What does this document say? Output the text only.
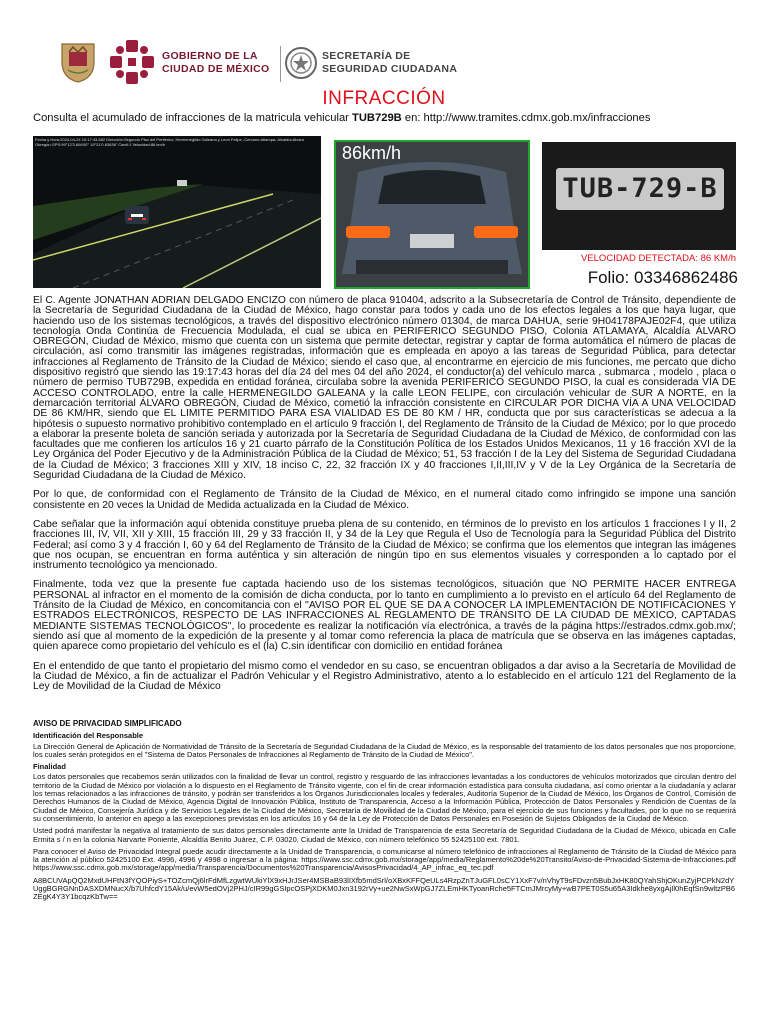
GOBIERNO DE LA
CIUDAD DE MÉXICO
SECRETARÍA DE
SEGURIDAD CIUDADANA
INFRACCIÓN
Consulta el acumulado de infracciones de la matricula vehicular TUB729B en: http://www.tramites.cdmx.gob.mx/infracciones
Fecha y Hora:2024-04-24 19:17:43.682 Dirección:Segundo Piso del Periferico, Hermenegildo Galeana y Leon Felipe -Cercano:Atlampa- Alcaldía:Alvaro Obregón GPS:99°12'3.6W/00° 19°21'0.63636" Carril:1 Velocidad:86 km/h	86km/h
TUB-729-B
VELOCIDAD DETECTADA: 86 KM/h
Folio: 03346862486

El C. Agente JONATHAN ADRIAN DELGADO ENCIZO con número de placa 910404, adscrito a la Subsecretaría de Control de Tránsito, dependiente de la Secretaría de Seguridad Ciudadana de la Ciudad de México, hago constar para todos y cada uno de los efectos legales a los que haya lugar, que haciendo uso de los sistemas tecnológicos, a través del dispositivo electrónico número 01304, de marca DAHUA, serie 9H04178PAJE02F4, que utiliza tecnología Onda Continúa de Frecuencia Modulada, el cual se ubica en PERIFERICO SEGUNDO PISO, Colonia ATLAMAYA, Alcaldía ÁLVARO OBREGÓN, Ciudad de México, mismo que cuenta con un sistema que permite detectar, registrar y captar de forma automática el número de placas de circulación, así como transmitir las imágenes registradas, información que es empleada en apoyo a las tareas de Seguridad Pública, para detectar infracciones al Reglamento de Tránsito de la Ciudad de México; siendo el caso que, al encontrarme en ejercicio de mis funciones, me percato que dicho dispositivo registró que siendo las 19:17:43 horas del día 24 del mes 04 del año 2024, el conductor(a) del vehículo marca , submarca , modelo , placa o número de permiso TUB729B, expedida en entidad foránea, circulaba sobre la avenida PERIFERICO SEGUNDO PISO, la cual es considerada VÍA DE ACCESO CONTROLADO, entre la calle HERMENEGILDO GALEANA y la calle LEON FELIPE, con circulación vehicular de SUR A NORTE, en la demarcación territorial ÁLVARO OBREGÓN, Ciudad de México, cometió la infracción consistente en CIRCULAR POR DICHA VÍA A UNA VELOCIDAD DE 86 KM/HR, siendo que EL LIMITE PERMITIDO PARA ESA VIALIDAD ES DE 80 KM / HR, conducta que por sus características se adecua a la hipótesis o supuesto normativo prohibitivo contemplado en el artículo 9 fracción I, del Reglamento de Tránsito de la Ciudad de México; por lo que procedo a elaborar la presente boleta de sanción seriada y autorizada por la Secretaría de Seguridad Ciudadana de la Ciudad de México, de conformidad con las facultades que me confieren los artículos 16 y 21 cuarto párrafo de la Constitución Política de los Estados Unidos Mexicanos, 11 y 16 fracción XVI de la Ley Orgánica del Poder Ejecutivo y de la Administración Pública de la Ciudad de México; 51, 53 fracción I de la Ley del Sistema de Seguridad Ciudadana de la Ciudad de México; 3 fracciones XIII y XIV, 18 inciso C, 22, 32 fracción IX y 40 fracciones I,II,III,IV y V de la Ley Orgánica de la Secretaría de Seguridad Ciudadana de la Ciudad de México.

Por lo que, de conformidad con el Reglamento de Tránsito de la Ciudad de México, en el numeral citado como infringido se impone una sanción consistente en 20 veces la Unidad de Medida actualizada en la Ciudad de México.

Cabe señalar que la información aquí obtenida constituye prueba plena de su contenido, en términos de lo previsto en los artículos 1 fracciones I y II, 2 fracciones III, IV, VII, XII y XIII, 15 fracción III, 29 y 33 fracción II, y 34 de la Ley que Regula el Uso de Tecnología para la Seguridad Pública del Distrito Federal; así como 3 y 4 fracción I, 60 y 64 del Reglamento de Tránsito de la Ciudad de México; se confirma que los elementos que integran las imágenes que nos ocupan, se encuentran en forma auténtica y sin alteración de ningún tipo en sus elementos visuales y corresponden a lo captado por el instrumento tecnológico ya mencionado.

Finalmente, toda vez que la presente fue captada haciendo uso de los sistemas tecnológicos, situación que NO PERMITE HACER ENTREGA PERSONAL al infractor en el momento de la comisión de dicha conducta, por lo tanto en cumplimiento a lo previsto en el artículo 64 del Reglamento de Tránsito de la Ciudad de México, en concomitancia con el "AVISO POR EL QUE SE DA A CONOCER LA IMPLEMENTACIÓN DE NOTIFICACIONES Y ESTRADOS ELECTRÓNICOS, RESPECTO DE LAS INFRACCIONES AL REGLAMENTO DE TRÁNSITO DE LA CIUDAD DE MÉXICO, CAPTADAS MEDIANTE SISTEMAS TECNOLÓGICOS", lo procedente es realizar la notificación vía electrónica, a través de la página https://estrados.cdmx.gob.mx/; siendo así que al momento de la expedición de la presente y al tomar como referencia la placa de matrícula que se observa en las imágenes captadas, quien aparece como propietario del vehículo es el (la) C.sin identificar con domicilio en entidad foránea

En el entendido de que tanto el propietario del mismo como el vendedor en su caso, se encuentran obligados a dar aviso a la Secretaría de Movilidad de la Ciudad de México, a fin de actualizar el Padrón Vehicular y el Registro Administrativo, atento a lo establecido en el artículo 121 del Reglamento de la Ley de Movilidad de la Ciudad de México

AVISO DE PRIVACIDAD SIMPLIFICADO
Identificación del Responsable

La Dirección General de Aplicación de Normatividad de Tránsito de la Secretaría de Seguridad Ciudadana de la Ciudad de México, es la responsable del tratamiento de los datos personales que nos proporcione, los cuales serán protegidos en el "Sistema de Datos Personales de Infracciones al Reglamento de Tránsito de la Ciudad de México".

Finalidad

Los datos personales que recabemos serán utilizados con la finalidad de llevar un control, registro y resguardo de las infracciones levantadas a los conductores de vehículos motorizados que circulan dentro del territorio de la Ciudad de México por violación a lo dispuesto en el Reglamento de Tránsito vigente, con el fin de crear información estadística para consulta ciudadana, así como orientar a la ciudadanía y aclarar los temas relacionados a las infracciones de tránsito, y podrán ser transferidos a los Órganos Jurisdiccionales locales y federales, Auditoría Superior de la Ciudad de México, los Órganos de Control, Comisión de Derechos Humanos de la Ciudad de México, Agencia Digital de Innovación Pública, Instituto de Transparencia, Acceso a la Información Pública, Protección de Datos Personales y Rendición de Cuentas de la Ciudad de México, Consejería Jurídica y de Servicios Legales de la Ciudad de México, Secretaría de Movilidad de la Ciudad de México, para el ejercicio de sus funciones y facultades, por lo que no se requerirá su consentimiento, lo anterior en apego a las excepciones previstas en los artículos 16 y 64 de la Ley de Protección de Datos Personales en Posesión de Sujetos Obligados de la Ciudad de México.

Usted podrá manifestar la negativa al tratamiento de sus datos personales directamente ante la Unidad de Transparencia de esta Secretaría de Seguridad Ciudadana de la Ciudad de México, ubicada en Calle Ermita s / n en la colonia Narvarte Poniente, Alcaldía Benito Juárez, C.P. 03020, Ciudad de México, con número telefónico 55 52425100 ext. 7801.

Para conocer el Aviso de Privacidad Integral puede acudir directamente a la Unidad de Transparencia, o comunicarse al número telefónico de infracciones al Reglamento de Tránsito de la Ciudad de México para la atención al público 52425100 Ext. 4996, 4996 y 4998 o ingresar a la página: https://www.ssc.cdmx.gob.mx/storage/app/media/Reglamento%20de%20Transito/Aviso-de-Privacidad-Sistema-de-Infracciones.pdf https://www.ssc.cdmx.gob.mx/storage/app/media/Transparencia/Documentos%20Transparencia/AvisosPrivacidad/4_AP_infrac_eq_tec.pdf

A8BCUVApQQ2MxdUHFtN3fYQOPiyS+TOZcmQj6lrFdMfLzgwtWUkiYlX9xHJrJSer4MSBaB93lIXfb5mdSrl/oXBxKFFQeULs4RzpZnTJuGFL0sCY1XxF7v/nVhyT9sFDvzn5BubJxHK80QYahShjOKunZyjPCPkN2dYUggBGRGNnDASXDMNucX/b7UhfcdY15Ak/u/evW5edOVj2PHJ/cIR99gGSIpcOSPjXDKM0Jxn3192rVy+ue2NwSxWpGJ7ZLEmHKTyoanRche5FTCmJMrcyMy+wB7PET0S5u65A3Idkhe8yxgAjIl0hEqfSn9wltzPB6ZEgK4Y3Y1bcqzKbTw==
